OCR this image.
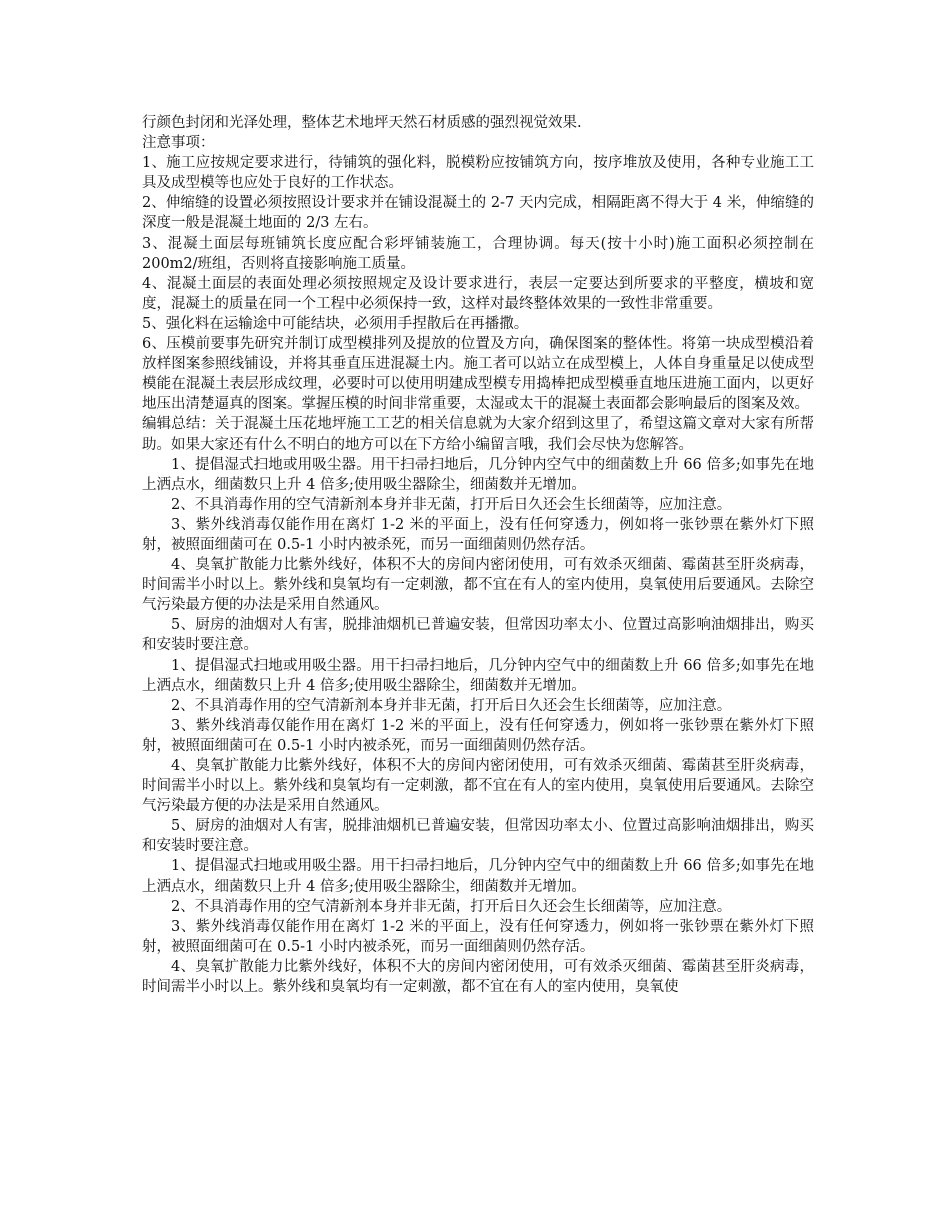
行颜色封闭和光泽处理，整体艺术地坪天然石材质感的强烈视觉效果.

注意事项：

1、施工应按规定要求进行，待铺筑的强化料，脱模粉应按铺筑方向，按序堆放及使用，各种专业施工工具及成型模等也应处于良好的工作状态。

2、伸缩缝的设置必须按照设计要求并在铺设混凝土的 2-7 天内完成，相隔距离不得大于 4 米，伸缩缝的深度一般是混凝土地面的 2/3 左右。

3、混凝土面层每班铺筑长度应配合彩坪铺装施工，合理协调。每天(按十小时)施工面积必须控制在 200m2/班组，否则将直接影响施工质量。

4、混凝土面层的表面处理必须按照规定及设计要求进行，表层一定要达到所要求的平整度，横坡和宽度，混凝土的质量在同一个工程中必须保持一致，这样对最终整体效果的一致性非常重要。

5、强化料在运输途中可能结块，必须用手捏散后在再播撒。

6、压模前要事先研究并制订成型模排列及提放的位置及方向，确保图案的整体性。将第一块成型模沿着放样图案参照线铺设，并将其垂直压进混凝土内。施工者可以站立在成型模上，人体自身重量足以使成型模能在混凝土表层形成纹理，必要时可以使用明建成型模专用捣棒把成型模垂直地压进施工面内，以更好地压出清楚逼真的图案。掌握压模的时间非常重要，太湿或太干的混凝土表面都会影响最后的图案及效。

编辑总结：关于混凝土压花地坪施工工艺的相关信息就为大家介绍到这里了，希望这篇文章对大家有所帮助。如果大家还有什么不明白的地方可以在下方给小编留言哦，我们会尽快为您解答。

1、提倡湿式扫地或用吸尘器。用干扫帚扫地后，几分钟内空气中的细菌数上升 66 倍多;如事先在地上洒点水，细菌数只上升 4 倍多;使用吸尘器除尘，细菌数并无增加。

2、不具消毒作用的空气清新剂本身并非无菌，打开后日久还会生长细菌等，应加注意。

3、紫外线消毒仅能作用在离灯 1-2 米的平面上，没有任何穿透力，例如将一张钞票在紫外灯下照射，被照面细菌可在 0.5-1 小时内被杀死，而另一面细菌则仍然存活。

4、臭氧扩散能力比紫外线好，体积不大的房间内密闭使用，可有效杀灭细菌、霉菌甚至肝炎病毒，时间需半小时以上。紫外线和臭氧均有一定刺激，都不宜在有人的室内使用，臭氧使用后要通风。去除空气污染最方便的办法是采用自然通风。

5、厨房的油烟对人有害，脱排油烟机已普遍安装，但常因功率太小、位置过高影响油烟排出，购买和安装时要注意。

1、提倡湿式扫地或用吸尘器。用干扫帚扫地后，几分钟内空气中的细菌数上升 66 倍多;如事先在地上洒点水，细菌数只上升 4 倍多;使用吸尘器除尘，细菌数并无增加。

2、不具消毒作用的空气清新剂本身并非无菌，打开后日久还会生长细菌等，应加注意。

3、紫外线消毒仅能作用在离灯 1-2 米的平面上，没有任何穿透力，例如将一张钞票在紫外灯下照射，被照面细菌可在 0.5-1 小时内被杀死，而另一面细菌则仍然存活。

4、臭氧扩散能力比紫外线好，体积不大的房间内密闭使用，可有效杀灭细菌、霉菌甚至肝炎病毒，时间需半小时以上。紫外线和臭氧均有一定刺激，都不宜在有人的室内使用，臭氧使用后要通风。去除空气污染最方便的办法是采用自然通风。

5、厨房的油烟对人有害，脱排油烟机已普遍安装，但常因功率太小、位置过高影响油烟排出，购买和安装时要注意。

1、提倡湿式扫地或用吸尘器。用干扫帚扫地后，几分钟内空气中的细菌数上升 66 倍多;如事先在地上洒点水，细菌数只上升 4 倍多;使用吸尘器除尘，细菌数并无增加。

2、不具消毒作用的空气清新剂本身并非无菌，打开后日久还会生长细菌等，应加注意。

3、紫外线消毒仅能作用在离灯 1-2 米的平面上，没有任何穿透力，例如将一张钞票在紫外灯下照射，被照面细菌可在 0.5-1 小时内被杀死，而另一面细菌则仍然存活。

4、臭氧扩散能力比紫外线好，体积不大的房间内密闭使用，可有效杀灭细菌、霉菌甚至肝炎病毒，时间需半小时以上。紫外线和臭氧均有一定刺激，都不宜在有人的室内使用，臭氧使
